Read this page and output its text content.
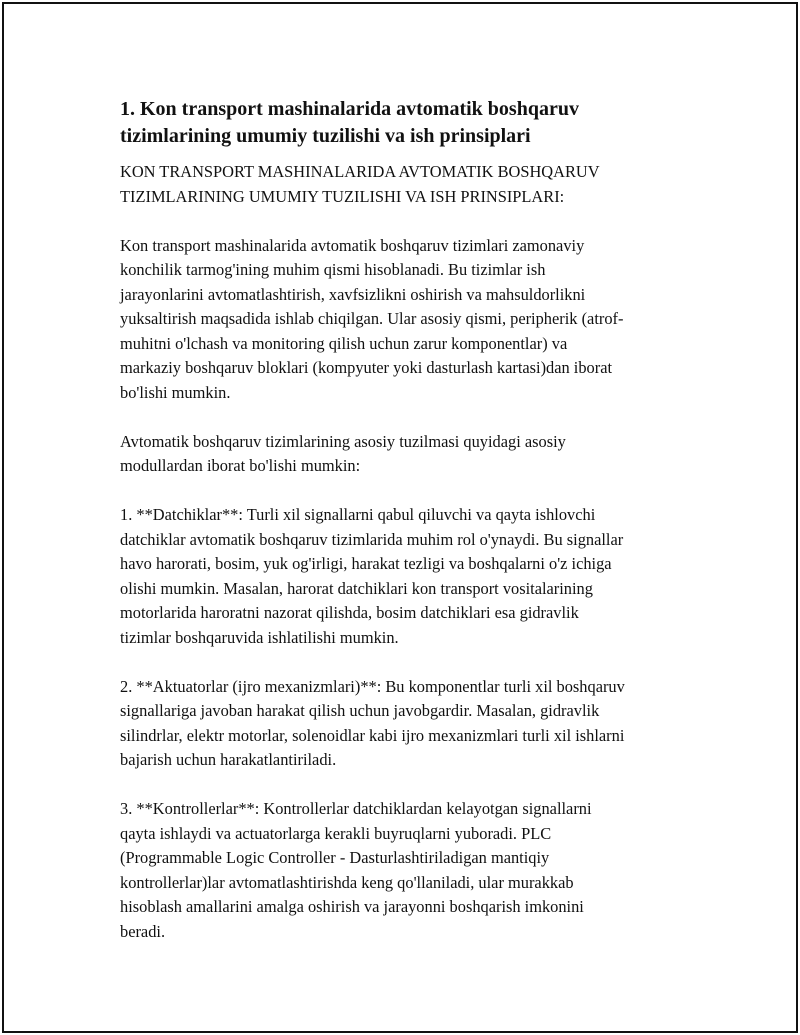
1. Kon transport mashinalarida avtomatik boshqaruv
tizimlarining umumiy tuzilishi va ish prinsiplari

KON TRANSPORT MASHINALARIDA AVTOMATIK BOSHQARUV
TIZIMLARINING UMUMIY TUZILISHI VA ISH PRINSIPLARI:

Kon transport mashinalarida avtomatik boshqaruv tizimlari zamonaviy
konchilik tarmog'ining muhim qismi hisoblanadi. Bu tizimlar ish
jarayonlarini avtomatlashtirish, xavfsizlikni oshirish va mahsuldorlikni
yuksaltirish maqsadida ishlab chiqilgan. Ular asosiy qismi, peripherik (atrof-
muhitni o'lchash va monitoring qilish uchun zarur komponentlar) va
markaziy boshqaruv bloklari (kompyuter yoki dasturlash kartasi)dan iborat
bo'lishi mumkin.

Avtomatik boshqaruv tizimlarining asosiy tuzilmasi quyidagi asosiy
modullardan iborat bo'lishi mumkin:

1. **Datchiklar**: Turli xil signallarni qabul qiluvchi va qayta ishlovchi
datchiklar avtomatik boshqaruv tizimlarida muhim rol o'ynaydi. Bu signallar
havo harorati, bosim, yuk og'irligi, harakat tezligi va boshqalarni o'z ichiga
olishi mumkin. Masalan, harorat datchiklari kon transport vositalarining
motorlarida haroratni nazorat qilishda, bosim datchiklari esa gidravlik
tizimlar boshqaruvida ishlatilishi mumkin.

2. **Aktuatorlar (ijro mexanizmlari)**: Bu komponentlar turli xil boshqaruv
signallariga javoban harakat qilish uchun javobgardir. Masalan, gidravlik
silindrlar, elektr motorlar, solenoidlar kabi ijro mexanizmlari turli xil ishlarni
bajarish uchun harakatlantiriladi.

3. **Kontrollerlar**: Kontrollerlar datchiklardan kelayotgan signallarni
qayta ishlaydi va actuatorlarga kerakli buyruqlarni yuboradi. PLC
(Programmable Logic Controller - Dasturlashtiriladigan mantiqiy
kontrollerlar)lar avtomatlashtirishda keng qo'llaniladi, ular murakkab
hisoblash amallarini amalga oshirish va jarayonni boshqarish imkonini
beradi.
